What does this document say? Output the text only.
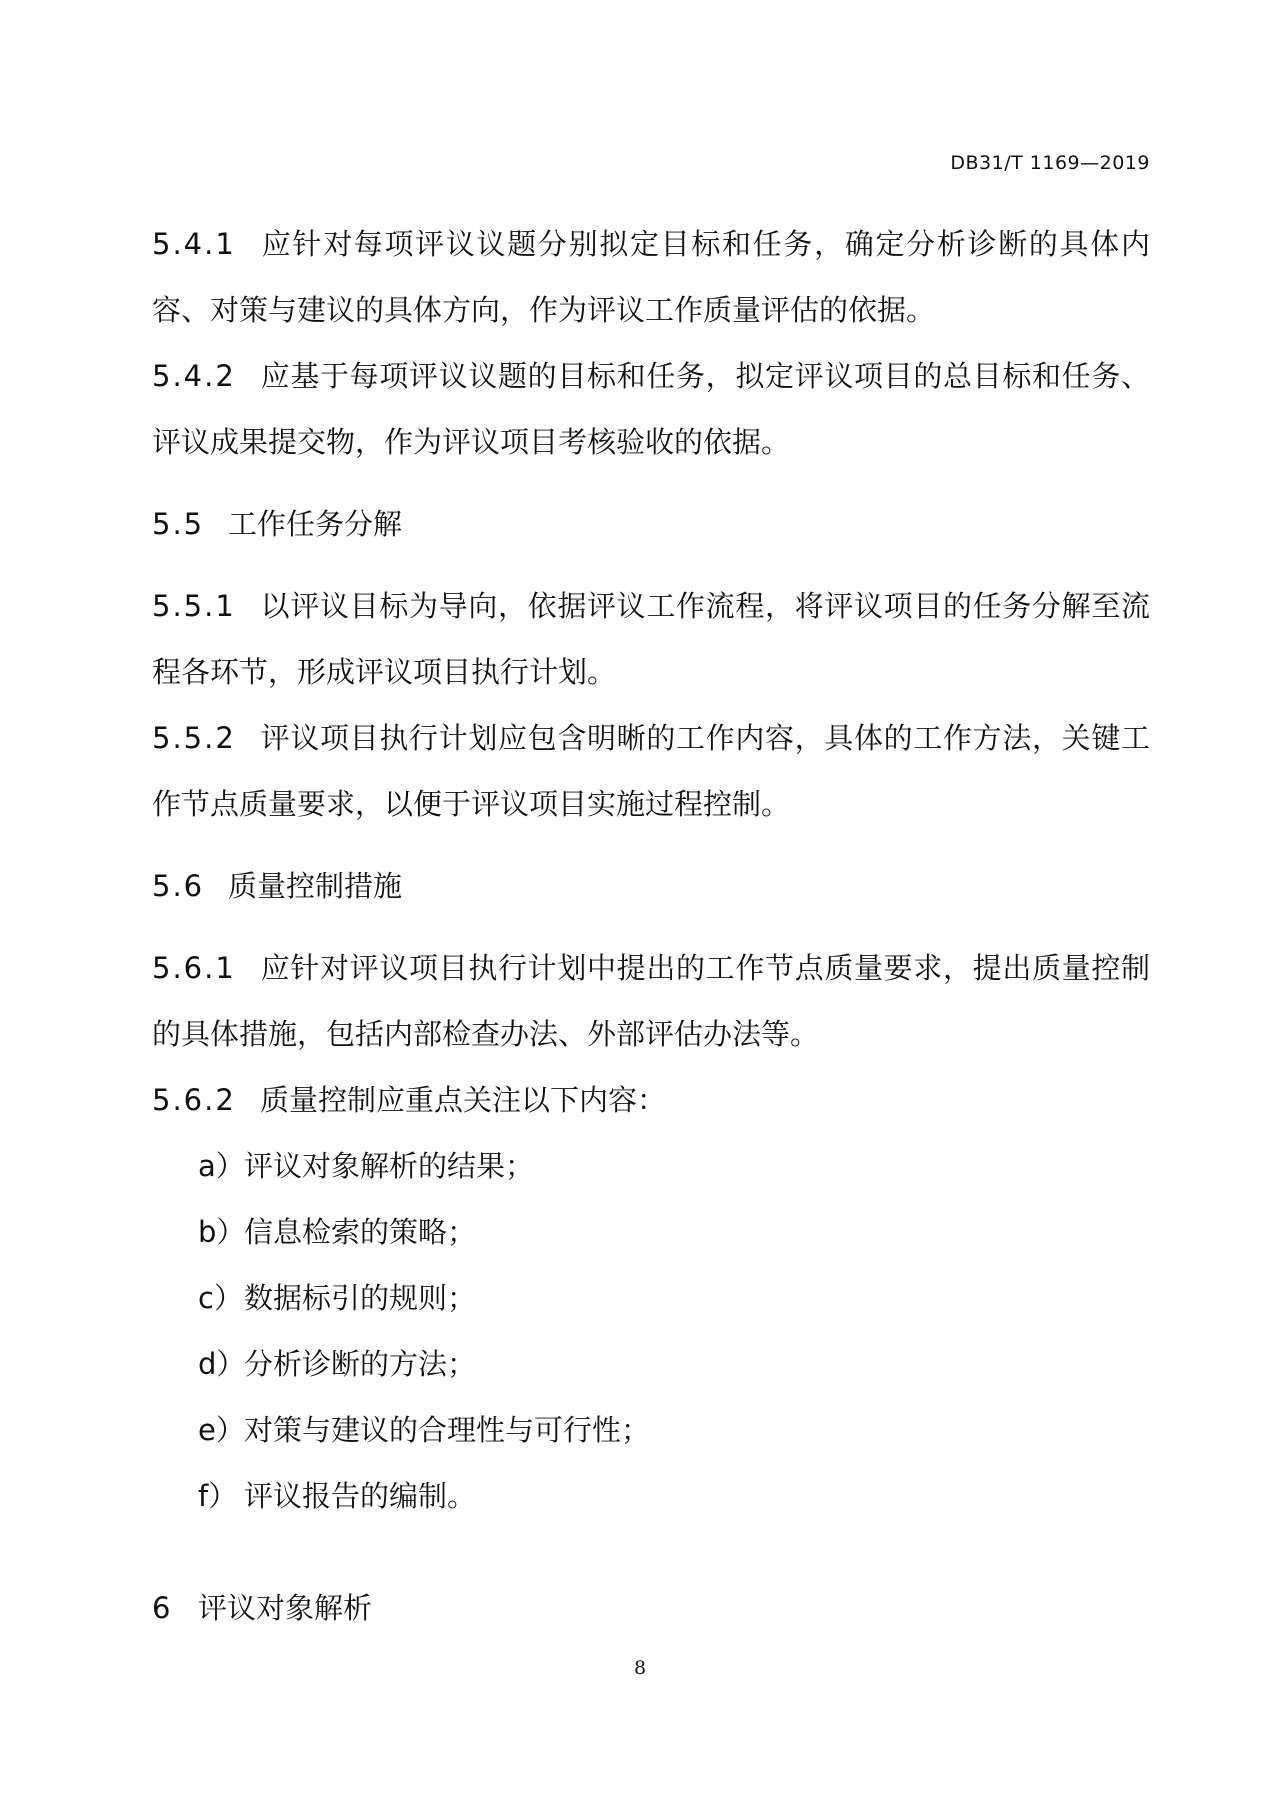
DB31/T 1169—2019

5.4.1 应针对每项评议议题分别拟定目标和任务，确定分析诊断的具体内容、对策与建议的具体方向，作为评议工作质量评估的依据。

5.4.2 应基于每项评议议题的目标和任务，拟定评议项目的总目标和任务、评议成果提交物，作为评议项目考核验收的依据。

5.5 工作任务分解

5.5.1 以评议目标为导向，依据评议工作流程，将评议项目的任务分解至流程各环节，形成评议项目执行计划。

5.5.2 评议项目执行计划应包含明晰的工作内容，具体的工作方法，关键工作节点质量要求，以便于评议项目实施过程控制。

5.6 质量控制措施

5.6.1 应针对评议项目执行计划中提出的工作节点质量要求，提出质量控制的具体措施，包括内部检查办法、外部评估办法等。

5.6.2 质量控制应重点关注以下内容：

a）评议对象解析的结果；

b）信息检索的策略；

c）数据标引的规则；

d）分析诊断的方法；

e）对策与建议的合理性与可行性；

f） 评议报告的编制。

6 评议对象解析

8
